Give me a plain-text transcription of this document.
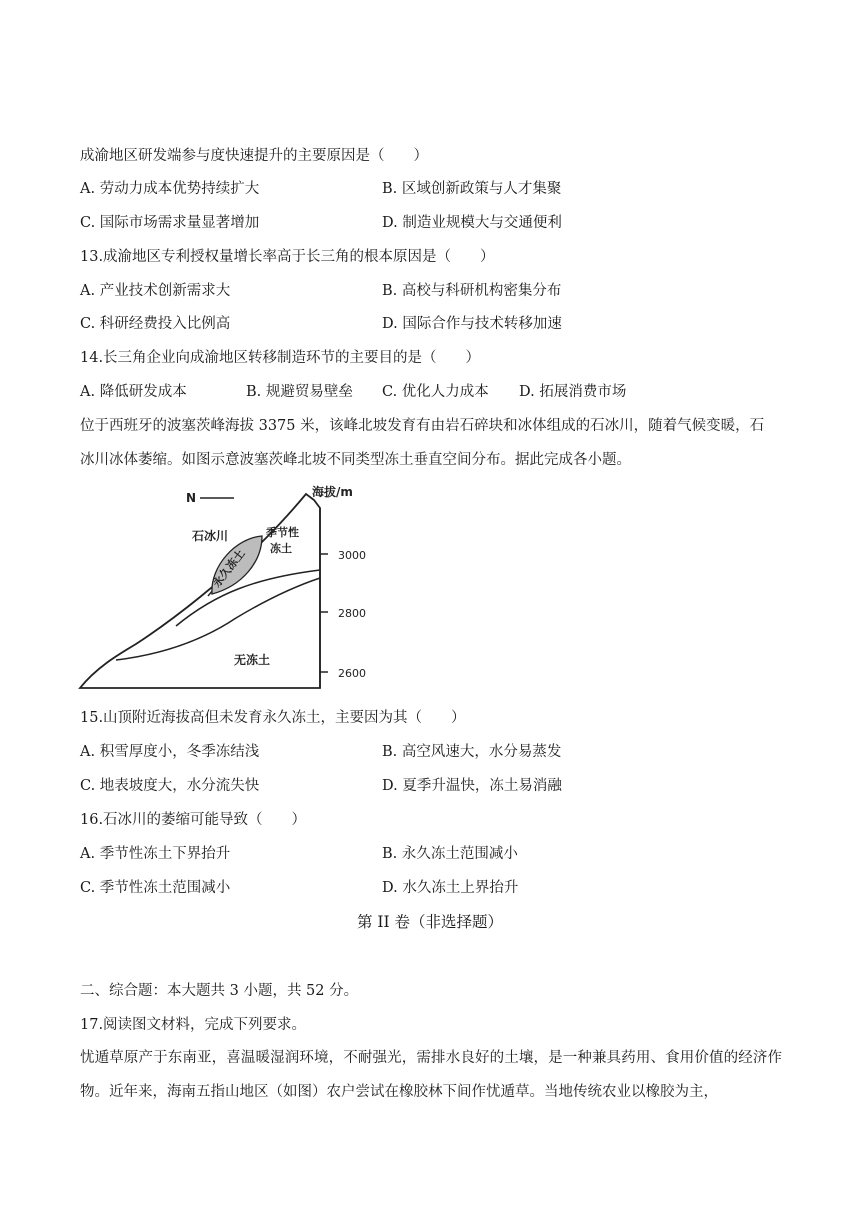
成渝地区研发端参与度快速提升的主要原因是（　　）
A. 劳动力成本优势持续扩大	B. 区域创新政策与人才集聚
C. 国际市场需求量显著增加	D. 制造业规模大与交通便利
13.成渝地区专利授权量增长率高于长三角的根本原因是（　　）
A. 产业技术创新需求大	B. 高校与科研机构密集分布
C. 科研经费投入比例高	D. 国际合作与技术转移加速
14.长三角企业向成渝地区转移制造环节的主要目的是（　　）
A. 降低研发成本	B. 规避贸易壁垒 C. 优化人力成本 D. 拓展消费市场
位于西班牙的波塞茨峰海拔 3375 米，该峰北坡发育有由岩石碎块和冰体组成的石冰川，随着气候变暖，石
冰川冰体萎缩。如图示意波塞茨峰北坡不同类型冻土垂直空间分布。据此完成各小题。
N	海拔/m
3000
2800
2600
石冰川
永久冻土
季节性
冻土
无冻土
15.山顶附近海拔高但未发育永久冻土，主要因为其（　　）
A. 积雪厚度小，冬季冻结浅	B. 高空风速大，水分易蒸发
C. 地表坡度大，水分流失快	D. 夏季升温快，冻土易消融
16.石冰川的萎缩可能导致（　　）
A. 季节性冻土下界抬升	B. 永久冻土范围减小
C. 季节性冻土范围减小	D. 水久冻土上界抬升
第 II 卷（非选择题）
二、综合题：本大题共 3 小题，共 52 分。
17.阅读图文材料，完成下列要求。
忧遁草原产于东南亚，喜温暖湿润环境，不耐强光，需排水良好的土壤，是一种兼具药用、食用价值的经济作物。近年来，海南五指山地区（如图）农户尝试在橡胶林下间作忧遁草。当地传统农业以橡胶为主，
